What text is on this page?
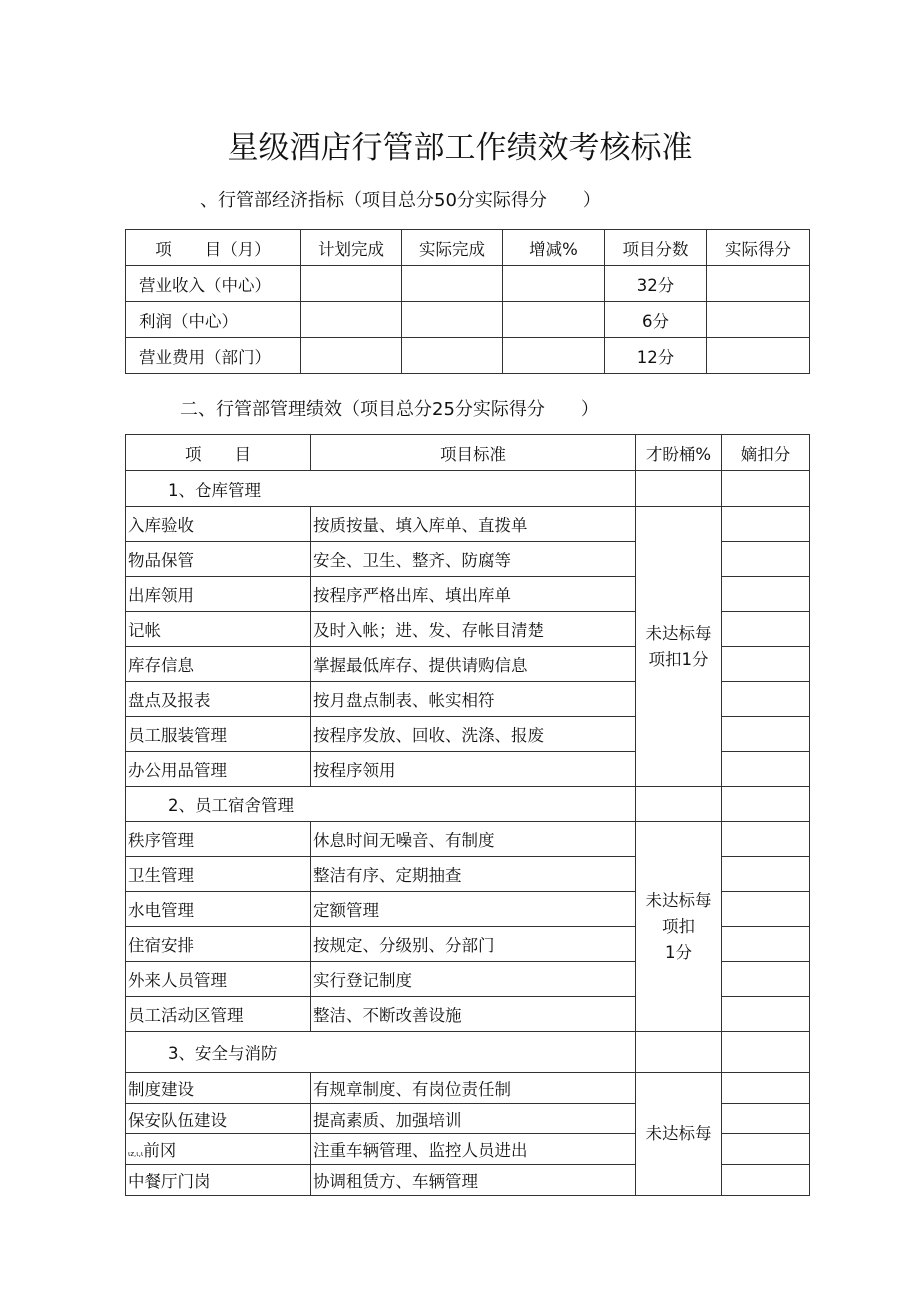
星级酒店行管部工作绩效考核标准
、行管部经济指标（项目总分50分实际得分　　）
项　　目（月）	计划完成	实际完成	增减%	项目分数	实际得分
营业收入（中心）				32分	
利润（中心）				6分	
营业费用（部门）				12分	
二、行管部管理绩效（项目总分25分实际得分　　）
项　　目	项目标准	才盼桶%	嫡扣分
1、仓库管理			
入库验收	按质按量、填入库单、直拨单	未达标每
项扣1分	

物品保管	安全、卫生、整齐、防腐等		
出库领用	按程序严格出库、填出库单		
记帐	及时入帐；进、发、存帐目清楚		
库存信息	掌握最低库存、提供请购信息		
盘点及报表	按月盘点制表、帐实相符		
员工服装管理	按程序发放、回收、洗涤、报废		
办公用品管理	按程序领用		
2、员工宿舍管理			
秩序管理	休息时间无噪音、有制度	未达标每
项扣
1分	

卫生管理	整洁有序、定期抽查		
水电管理	定额管理		
住宿安排	按规定、分级别、分部门		
外来人员管理	实行登记制度		
员工活动区管理	整洁、不断改善设施		
3、安全与消防			
制度建设	有规章制度、有岗位责任制	未达标每	

保安队伍建设	提高素质、加强培训		
ιz,ι,ι前冈	注重车辆管理、监控人员进出		
中餐厅门岗	协调租赁方、车辆管理		
